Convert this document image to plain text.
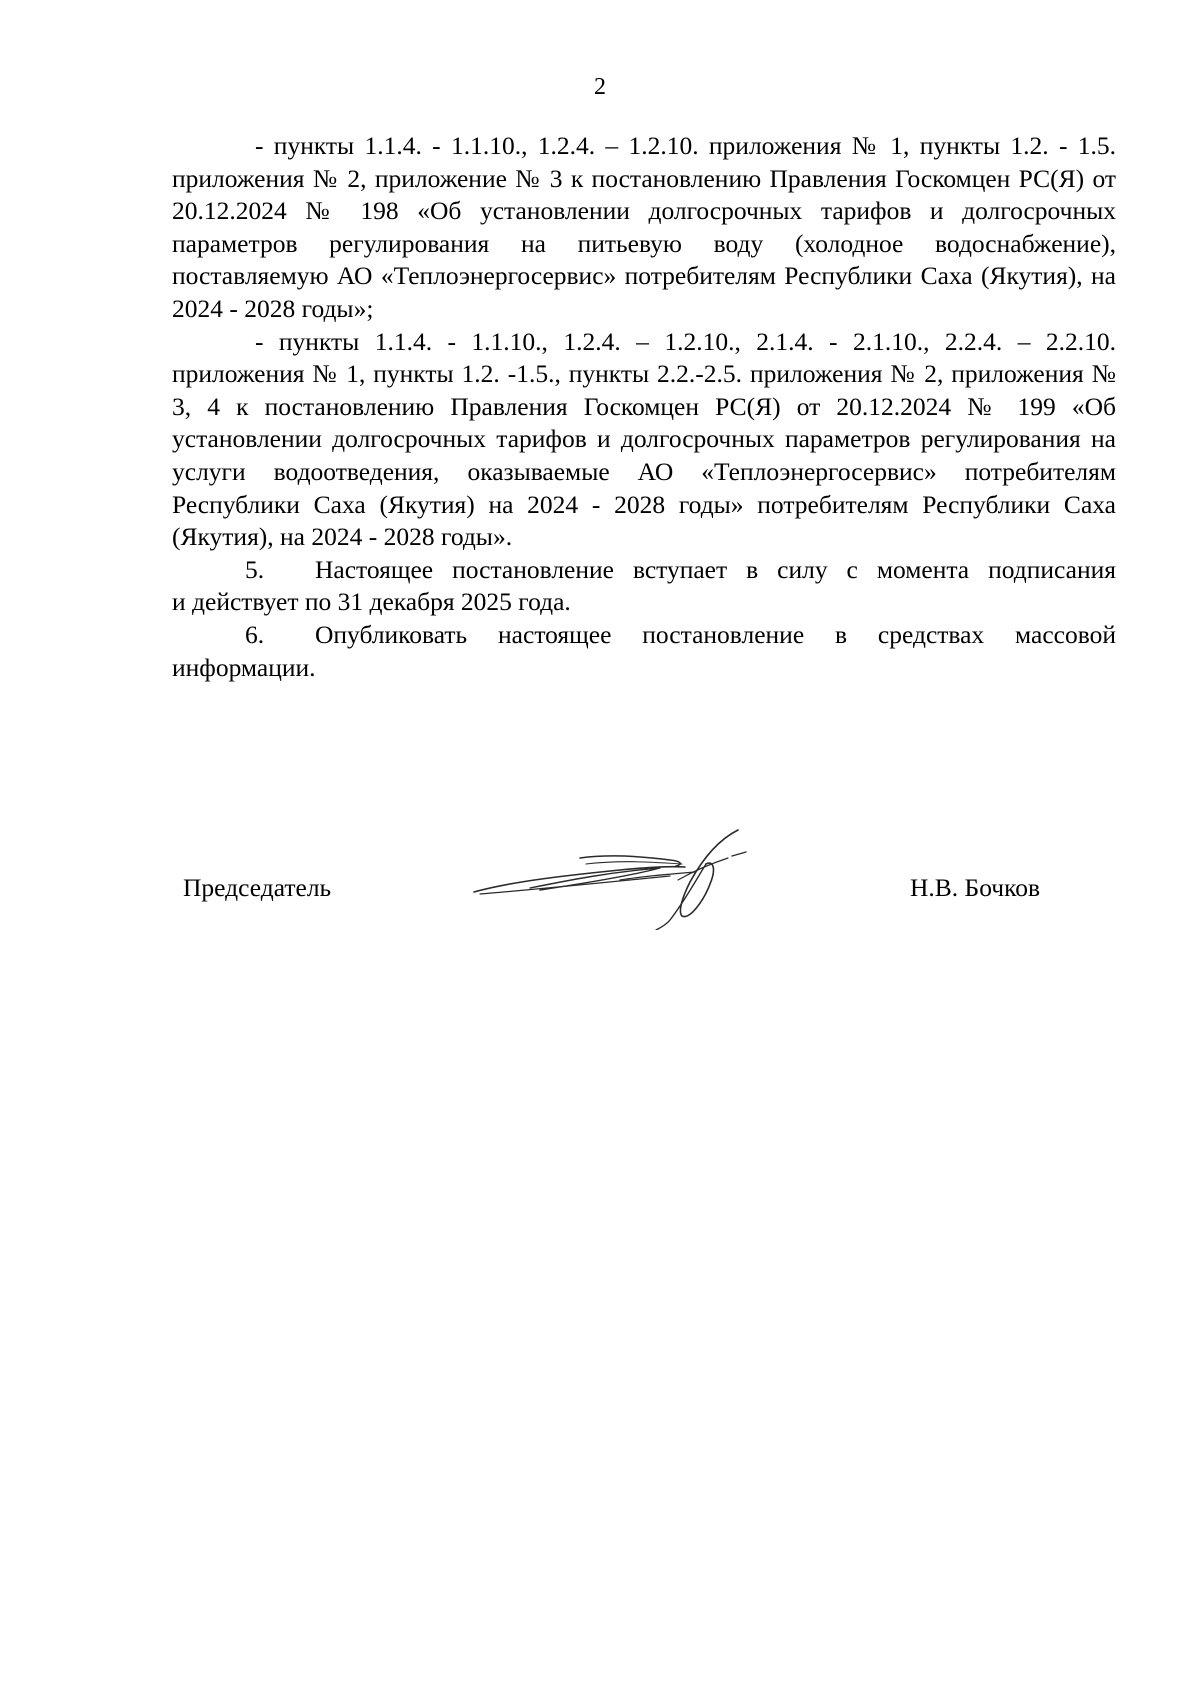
2

- пункты 1.1.4. - 1.1.10., 1.2.4. – 1.2.10. приложения № 1, пункты 1.2. - 1.5. приложения № 2, приложение № 3 к постановлению Правления Госкомцен РС(Я) от 20.12.2024 № 198 «Об установлении долгосрочных тарифов и долгосрочных параметров регулирования на питьевую воду (холодное водоснабжение), поставляемую АО «Теплоэнергосервис» потребителям Республики Саха (Якутия), на 2024 - 2028 годы»;

- пункты 1.1.4. - 1.1.10., 1.2.4. – 1.2.10., 2.1.4. - 2.1.10., 2.2.4. – 2.2.10. приложения № 1, пункты 1.2. -1.5., пункты 2.2.-2.5. приложения № 2, приложения № 3, 4 к постановлению Правления Госкомцен РС(Я) от 20.12.2024 № 199 «Об установлении долгосрочных тарифов и долгосрочных параметров регулирования на услуги водоотведения, оказываемые АО «Теплоэнергосервис» потребителям Республики Саха (Якутия) на 2024 - 2028 годы» потребителям Республики Саха (Якутия), на 2024 - 2028 годы».

5.	Настоящее постановление вступает в силу с момента подписания

и действует по 31 декабря 2025 года.

6.	Опубликовать настоящее постановление в средствах массовой

информации.

Председатель	Н.В. Бочков
